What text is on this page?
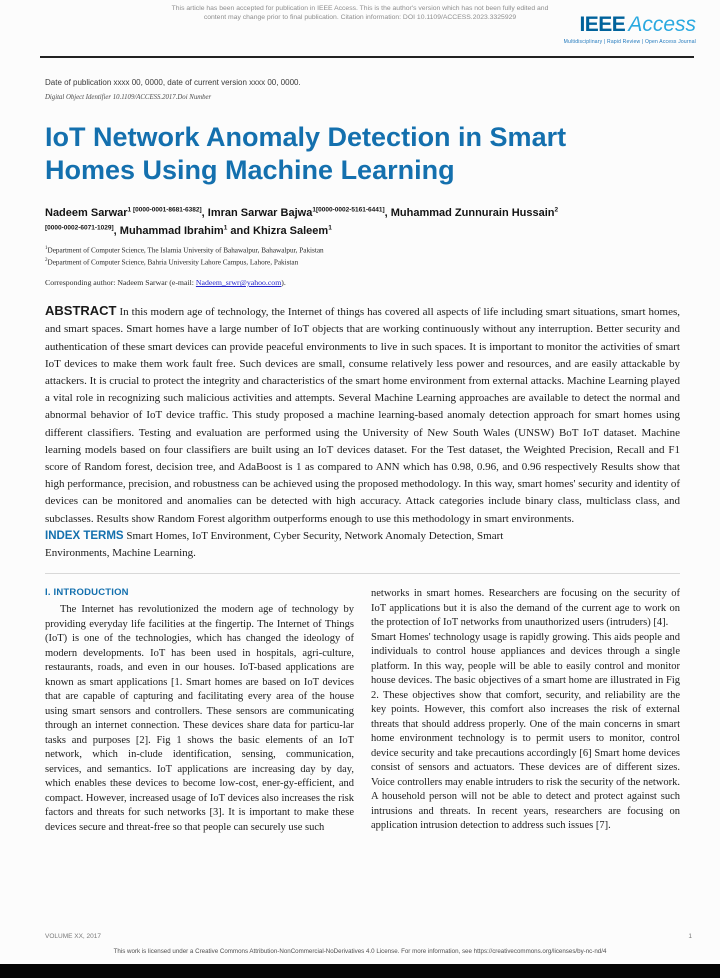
This article has been accepted for publication in IEEE Access. This is the author's version which has not been fully edited and
content may change prior to final publication. Citation information: DOI 10.1109/ACCESS.2023.3325929	IEEE Access
Multidisciplinary | Rapid Review | Open Access Journal
Date of publication xxxx 00, 0000, date of current version xxxx 00, 0000.
Digital Object Identifier 10.1109/ACCESS.2017.Doi Number
IoT Network Anomaly Detection in Smart Homes Using Machine Learning
Nadeem Sarwar$^{1 [0000-0001-8681-6382]}$, Imran Sarwar Bajwa$^{1[0000-0002-5161-6441]}$, Muhammad Zunnurain Hussain$^{2 [0000-0002-6071-1029]}$, Muhammad Ibrahim$^1$ and Khizra Saleem$^1$
$^1$Department of Computer Science, The Islamia University of Bahawalpur, Bahawalpur, Pakistan
$^2$Department of Computer Science, Bahria University Lahore Campus, Lahore, Pakistan
Corresponding author: Nadeem Sarwar (e-mail: Nadeem_srwr@yahoo.com).

ABSTRACT In this modern age of technology, the Internet of things has covered all aspects of life including smart situations, smart homes, and smart spaces. Smart homes have a large number of IoT objects that are working continuously without any interruption. Better security and authentication of these smart devices can provide peaceful environments to live in such spaces. It is important to monitor the activities of smart IoT devices to make them work fault free. Such devices are small, consume relatively less power and resources, and are easily attackable by attackers. It is crucial to protect the integrity and characteristics of the smart home environment from external attacks. Machine Learning played a vital role in recognizing such malicious activities and attempts. Several Machine Learning approaches are available to detect the normal and abnormal behavior of IoT device traffic. This study proposed a machine learning-based anomaly detection approach for smart homes using different classifiers. Testing and evaluation are performed using the University of New South Wales (UNSW) BoT IoT dataset. Machine learning models based on four classifiers are built using an IoT devices dataset. For the Test dataset, the Weighted Precision, Recall and F1 score of Random forest, decision tree, and AdaBoost is 1 as compared to ANN which has 0.98, 0.96, and 0.96 respectively Results show that high performance, precision, and robustness can be achieved using the proposed methodology. In this way, smart homes' security and identity of devices can be monitored and anomalies can be detected with high accuracy. Attack categories include binary class, multiclass class, and subclasses. Results show Random Forest algorithm outperforms enough to use this methodology in smart environments.

INDEX TERMS Smart Homes, IoT Environment, Cyber Security, Network Anomaly Detection, Smart Environments, Machine Learning.

I. INTRODUCTION

The Internet has revolutionized the modern age of technology by providing everyday life facilities at the fingertip. The Internet of Things (IoT) is one of the technologies, which has changed the ideology of modern developments. IoT has been used in hospitals, agri-culture, restaurants, roads, and even in our houses. IoT-based applications are known as smart applications [1. Smart homes are based on IoT devices that are capable of capturing and facilitating every area of the house using smart sensors and controllers. These sensors are communicating through an internet connection. These devices share data for particu-lar tasks and purposes [2]. Fig 1 shows the basic elements of an IoT network, which in-clude identification, sensing, communication, services, and semantics. IoT applications are increasing day by day, which enables these devices to become low-cost, ener-gy-efficient, and compact. However, increased usage of IoT devices also increases the risk factors and threats for such networks [3]. It is important to make these devices secure and threat-free so that people can securely use such

networks in smart homes. Researchers are focusing on the security of IoT applications but it is also the demand of the current age to work on the protection of IoT networks from unauthorized users (intruders) [4].

Smart Homes' technology usage is rapidly growing. This aids people and individuals to control house appliances and devices through a single platform. In this way, people will be able to easily control and monitor house devices. The basic objectives of a smart home are illustrated in Fig 2. These objectives show that comfort, security, and reliability are the key points. However, this comfort also increases the risk of external threats that should address properly. One of the main concerns in smart home environment technology is to permit users to monitor, control device security and take precautions accordingly [6] Smart home devices consist of sensors and actuators. These devices are of different sizes. Voice controllers may enable intruders to risk the security of the network. A household person will not be able to detect and protect against such intrusions and threats. In recent years, researchers are focusing on application intrusion detection to address such issues [7].

VOLUME XX, 2017	1
This work is licensed under a Creative Commons Attribution-NonCommercial-NoDerivatives 4.0 License. For more information, see https://creativecommons.org/licenses/by-nc-nd/4
